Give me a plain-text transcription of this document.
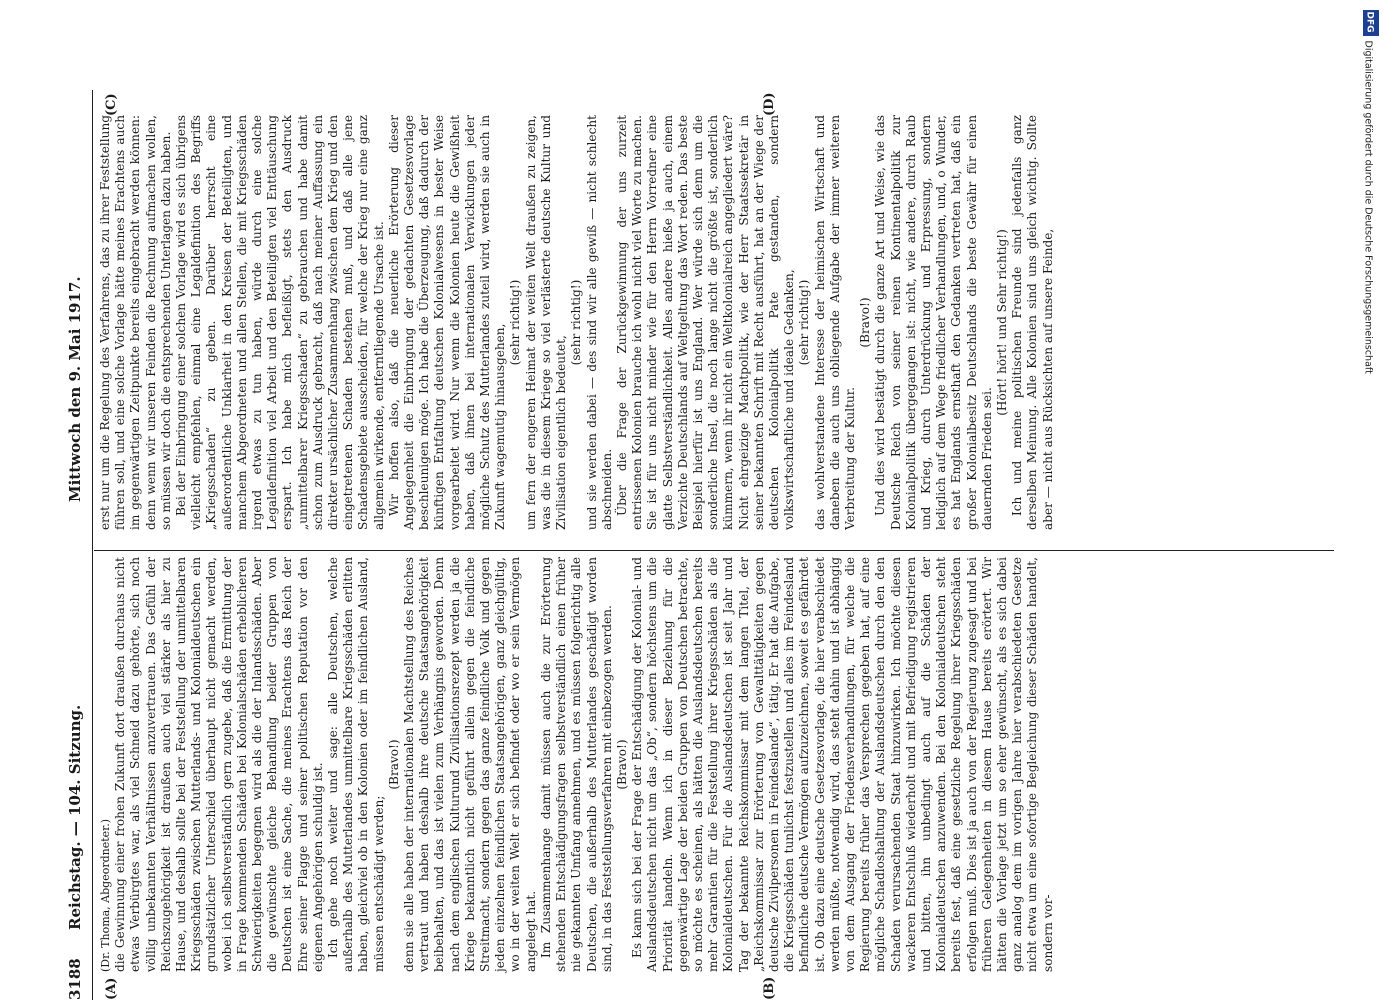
3188
Reichstag. — 104. Sitzung.
Mittwoch den 9. Mai 1917.
(A)	(B)
(C)	(D)

(Dr. Thoma, Abgeordneter.) die Gewinnung einer frohen Zukunft dort draußen durchaus nicht etwas Verbürgtes war, als viel Schneid dazu gehörte, sich noch völlig unbekannten Verhältnissen anzuvertrauen. Das Gefühl der Reichszugehörigkeit ist draußen auch viel stärker als hier zu Hause, und deshalb sollte bei der Feststellung der unmittelbaren Kriegsschäden zwischen Mutterlands- und Kolonialdeutschen ein grundsätzlicher Unterschied überhaupt nicht gemacht werden, wobei ich selbstverständlich gern zugebe, daß die Ermittlung der in Frage kommenden Schäden bei Kolonialschäden erheblicheren Schwierigkeiten begegnen wird als die der Inlandsschäden. Aber die gewünschte gleiche Behandlung beider Gruppen von Deutschen ist eine Sache, die meines Erachtens das Reich der Ehre seiner Flagge und seiner politischen Reputation vor den eigenen Angehörigen schuldig ist. Ich gehe noch weiter und sage: alle Deutschen, welche außerhalb des Mutterlandes unmittelbare Kriegsschäden erlitten haben, gleichviel ob in den Kolonien oder im feindlichen Ausland, müssen entschädigt werden;

(Bravo!) denn sie alle haben der internationalen Machtstellung des Reiches vertraut und haben deshalb ihre deutsche Staatsangehörigkeit beibehalten, und das ist vielen zum Verhängnis geworden. Denn nach dem englischen Kulturund Zivilisationsrezept werden ja die Kriege bekanntlich nicht geführt allein gegen die feindliche Streitmacht, sondern gegen das ganze feindliche Volk und gegen jeden einzelnen feindlichen Staatsangehörigen, ganz gleichgültig, wo in der weiten Welt er sich befindet oder wo er sein Vermögen angelegt hat. Im Zusammenhange damit müssen auch die zur Erörterung stehenden Entschädigungsfragen selbstverständlich einen früher nie gekannten Umfang annehmen, und es müssen folgerichtig alle Deutschen, die außerhalb des Mutterlandes geschädigt worden sind, in das Feststellungsverfahren mit einbezogen werden. (Bravo!) Es kann sich bei der Frage der Entschädigung der Kolonial- und Auslandsdeutschen nicht um das „Ob“, sondern höchstens um die Priorität handeln. Wenn ich in dieser Beziehung für die gegenwärtige Lage der beiden Gruppen von Deutschen betrachte, so möchte es scheinen, als hätten die Auslandsdeutschen bereits mehr Garantien für die Feststellung ihrer Kriegsschäden als die Kolonialdeutschen. Für die Auslandsdeutschen ist seit Jahr und Tag der bekannte Reichskommissar mit dem langen Titel, der „Reichskommissar zur Erörterung von Gewalttätigkeiten gegen deutsche Zivilpersonen in Feindeslande“, tätig. Er hat die Aufgabe, die Kriegsschäden tunlichst festzustellen und alles im Feindesland befindliche deutsche Vermögen aufzuzeichnen, soweit es gefährdet ist. Ob dazu eine deutsche Gesetzesvorlage, die hier verabschiedet werden müßte, notwendig wird, das steht dahin und ist abhängig von dem Ausgang der Friedensverhandlungen, für welche die Regierung bereits früher das Versprechen gegeben hat, auf eine mögliche Schadloshaltung der Auslandsdeutschen durch den den Schaden verursachenden Staat hinzuwirken. Ich möchte diesen wackeren Entschluß wiederholt und mit Befriedigung registrieren und bitten, ihn unbedingt auch auf die Schäden der Kolonialdeutschen anzuwenden. Bei den Kolonialdeutschen steht bereits fest, daß eine gesetzliche Regelung ihrer Kriegsschäden erfolgen muß. Dies ist ja auch von der Regierung zugesagt und bei früheren Gelegenheiten in diesem Hause bereits erörtert. Wir hätten die Vorlage jetzt um so eher gewünscht, als es sich dabei ganz analog dem im vorigen Jahre hier verabschiedeten Gesetze nicht etwa um eine sofortige Begleichung dieser Schäden handelt, sondern vor-

erst nur um die Regelung des Verfahrens, das zu ihrer Feststellung führen soll, und eine solche Vorlage hätte meines Erachtens auch im gegenwärtigen Zeitpunkte bereits eingebracht werden können: denn wenn wir unseren Feinden die Rechnung aufmachen wollen, so müssen wir doch die entsprechenden Unterlagen dazu haben. Bei der Einbringung einer solchen Vorlage wird es sich übrigens vielleicht empfehlen, einmal eine Legaldefinition des Begriffs „Kriegsschaden“ zu geben. Darüber herrscht eine außerordentliche Unklarheit in den Kreisen der Beteiligten, und manchem Abgeordneten und allen Stellen, die mit Kriegsschäden irgend etwas zu tun haben, würde durch eine solche Legaldefinition viel Arbeit und den Beteiligten viel Enttäuschung erspart. Ich habe mich befleißigt, stets den Ausdruck „unmittelbarer Kriegsschaden“ zu gebrauchen und habe damit schon zum Ausdruck gebracht, daß nach meiner Auffassung ein direkter ursächlicher Zusammenhang zwischen dem Krieg und den eingetretenen Schaden bestehen muß, und daß alle jene Schadensgebiete ausscheiden, für welche der Krieg nur eine ganz allgemein wirkende, entferntliegende Ursache ist. Wir hoffen also, daß die neuerliche Erörterung dieser Angelegenheit die Einbringung der gedachten Gesetzesvorlage beschleunigen möge. Ich habe die Überzeugung, daß dadurch der künftigen Entfaltung deutschen Kolonialwesens in bester Weise vorgearbeitet wird. Nur wenn die Kolonien heute die Gewißheit haben, daß ihnen bei internationalen Verwicklungen jeder mögliche Schutz des Mutterlandes zuteil wird, werden sie auch in Zukunft wagemutig hinausgehen,

(sehr richtig!) um fern der engeren Heimat der weiten Welt draußen zu zeigen, was die in diesem Kriege so viel verlästerte deutsche Kultur und Zivilisation eigentlich bedeutet,

(sehr richtig!) und sie werden dabei — des sind wir alle gewiß — nicht schlecht abschneiden. Über die Frage der Zurückgewinnung der uns zurzeit entrissenen Kolonien brauche ich wohl nicht viel Worte zu machen. Sie ist für uns nicht minder wie für den Herrn Vorredner eine glatte Selbstverständlichkeit. Alles andere hieße ja auch, einem Verzichte Deutschlands auf Weltgeltung das Wort reden. Das beste Beispiel hierfür ist uns England. Wer würde sich denn um die sonderliche Insel, die noch lange nicht die größte ist, sonderlich kümmern, wenn ihr nicht ein Weltkolonialreich angegliedert wäre? Nicht ehrgeizige Machtpolitik, wie der Herr Staatssekretär in seiner bekannten Schrift mit Recht ausführt, hat an der Wiege der deutschen Kolonialpolitik Pate gestanden, sondern volkswirtschaftliche und ideale Gedanken, (sehr richtig!) das wohlverstandene Interesse der heimischen Wirtschaft und daneben die auch uns obliegende Aufgabe der immer weiteren Verbreitung der Kultur.

(Bravo!) Und dies wird bestätigt durch die ganze Art und Weise, wie das Deutsche Reich von seiner reinen Kontinentalpolitik zur Kolonialpolitik übergegangen ist: nicht, wie andere, durch Raub und Krieg, durch Unterdrückung und Erpressung, sondern lediglich auf dem Wege friedlicher Verhandlungen, und, o Wunder, es hat Englands ernsthaft den Gedanken vertreten hat, daß ein großer Kolonialbesitz Deutschlands die beste Gewähr für einen dauernden Frieden sei.

(Hört! hört! und Sehr richtig!) Ich und meine politischen Freunde sind jedenfalls ganz derselben Meinung. Alle Kolonien sind uns gleich wichtig. Sollte aber — nicht aus Rücksichten auf unsere Feinde,

DFG
Digitalisierung gefördert durch die Deutsche Forschungsgemeinschaft
